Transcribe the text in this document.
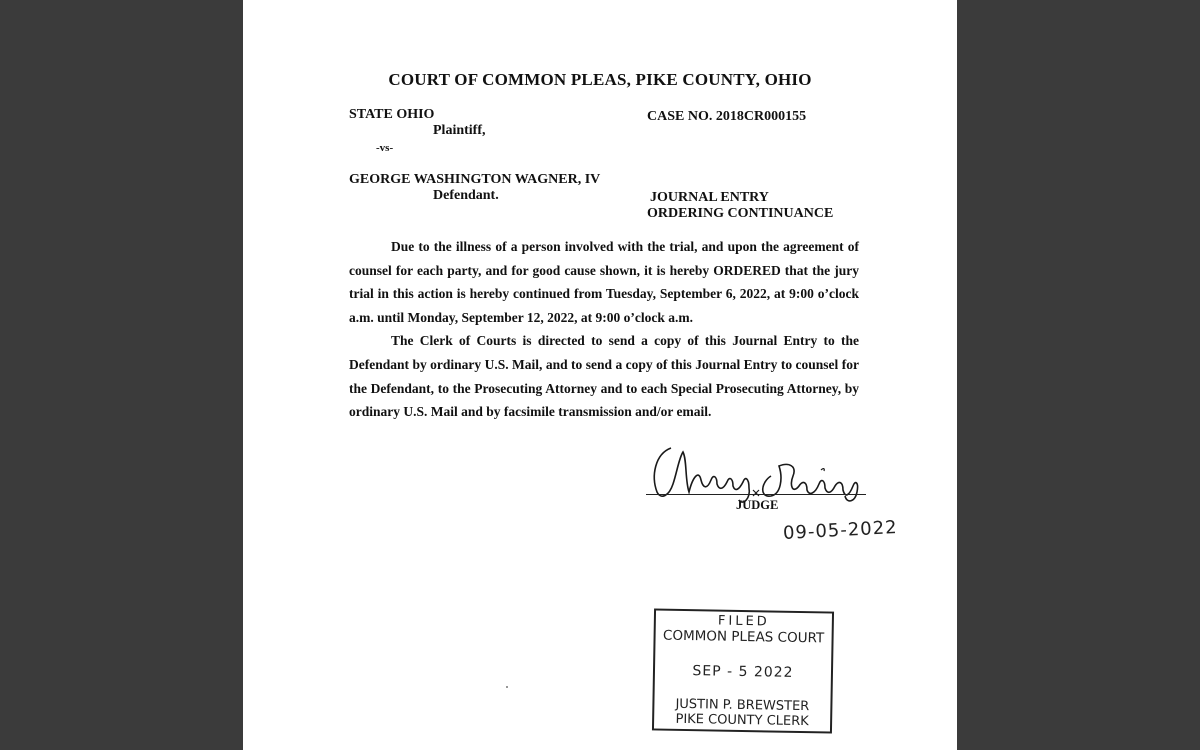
COURT OF COMMON PLEAS, PIKE COUNTY, OHIO
STATE OHIO
Plaintiff,
CASE NO. 2018CR000155
-vs-
GEORGE WASHINGTON WAGNER, IV
Defendant.	JOURNAL ENTRY
ORDERING CONTINUANCE

Due to the illness of a person involved with the trial, and upon the agreement of counsel for each party, and for good cause shown, it is hereby ORDERED that the jury trial in this action is hereby continued from Tuesday, September 6, 2022, at 9:00 o’clock a.m. until Monday, September 12, 2022, at 9:00 o’clock a.m.

The Clerk of Courts is directed to send a copy of this Journal Entry to the Defendant by ordinary U.S. Mail, and to send a copy of this Journal Entry to counsel for the Defendant, to the Prosecuting Attorney and to each Special Prosecuting Attorney, by ordinary U.S. Mail and by facsimile transmission and/or email.

JUDGE
09-05-2022
FILED
COMMON PLEAS COURT
SEP - 5 2022
JUSTIN P. BREWSTER
PIKE COUNTY CLERK
